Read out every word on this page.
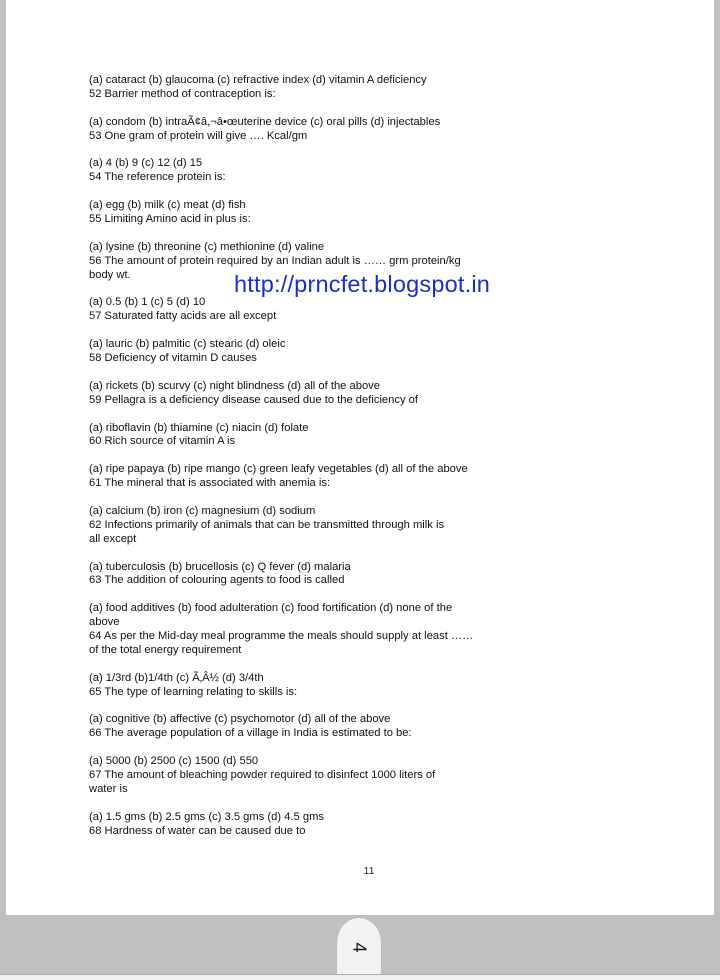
(a) cataract (b) glaucoma (c) refractive index (d) vitamin A deficiency
52 Barrier method of contraception is:
(a) condom (b) intraÃ¢â,¬â•œuterine device (c) oral pills (d) injectables
53 One gram of protein will give …. Kcal/gm
(a) 4 (b) 9 (c) 12 (d) 15
54 The reference protein is:
(a) egg (b) milk (c) meat (d) fish
55 Limiting Amino acid in plus is:
(a) lysine (b) threonine (c) methionine (d) valine
56 The amount of protein required by an Indian adult is …… grm protein/kg
body wt.
(a) 0.5 (b) 1 (c) 5 (d) 10
57 Saturated fatty acids are all except
(a) lauric (b) palmitic (c) stearic (d) oleic
58 Deficiency of vitamin D causes
(a) rickets (b) scurvy (c) night blindness (d) all of the above
59 Pellagra is a deficiency disease caused due to the deficiency of
(a) riboflavin (b) thiamine (c) niacin (d) folate
60 Rich source of vitamin A is
(a) ripe papaya (b) ripe mango (c) green leafy vegetables (d) all of the above
61 The mineral that is associated with anemia is:
(a) calcium (b) iron (c) magnesium (d) sodium
62 Infections primarily of animals that can be transmitted through milk is
all except
(a) tuberculosis (b) brucellosis (c) Q fever (d) malaria
63 The addition of colouring agents to food is called
(a) food additives (b) food adulteration (c) food fortification (d) none of the
above
64 As per the Mid-day meal programme the meals should supply at least ……
of the total energy requirement
(a) 1/3rd (b)1/4th (c) Ã‚Â½ (d) 3/4th
65 The type of learning relating to skills is:
(a) cognitive (b) affective (c) psychomotor (d) all of the above
66 The average population of a village in India is estimated to be:
(a) 5000 (b) 2500 (c) 1500 (d) 550
67 The amount of bleaching powder required to disinfect 1000 liters of
water is
(a) 1.5 gms (b) 2.5 gms (c) 3.5 gms (d) 4.5 gms
68 Hardness of water can be caused due to
http://prncfet.blogspot.in
11
4
